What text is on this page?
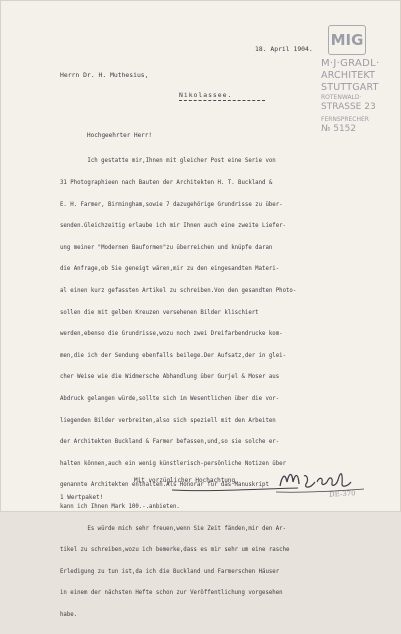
MIG
M·J·GRADL·
ARCHITEKT
STUTTGART
ROTENWALD·
STRASSE 23
FERNSPRECHER
№ 5152
18. April 1904.
Herrn Dr. H. Muthesius,
Nikolassee.
Hochgeehrter Herr!

Ich gestatte mir,Ihnen mit gleicher Post eine Serie von

31 Photographieen nach Bauten der Architekten H. T. Buckland &

E. H. Farmer, Birmingham,sowie 7 dazugehörige Grundrisse zu über-

senden.Gleichzeitig erlaube ich mir Ihnen auch eine zweite Liefer-

ung meiner "Modernen Bauformen"zu überreichen und knüpfe daran

die Anfrage,ob Sie geneigt wären,mir zu den eingesandten Materi-

al einen kurz gefassten Artikel zu schreiben.Von den gesandten Photo-

sollen die mit gelben Kreuzen versehenen Bilder klischiert

werden,ebenso die Grundrisse,wozu noch zwei Dreifarbendrucke kom-

men,die ich der Sendung ebenfalls beilege.Der Aufsatz,der in glei-

cher Weise wie die Widmersche Abhandlung über Gurjel & Moser aus

Abdruck gelangen würde,sollte sich im Wesentlichen über die vor-

liegenden Bilder verbreiten,also sich speziell mit den Arbeiten

der Architekten Buckland & Farmer befassen,und,so sie solche er-

halten können,auch ein wenig künstlerisch-persönliche Notizen über

genannte Architekten enthalten.Als Honorar für das Manuskript

kann ich Ihnen Mark 100.-.anbieten.

Es würde mich sehr freuen,wenn Sie Zeit fänden,mir den Ar-

tikel zu schreiben,wozu ich bemerke,dass es mir sehr um eine rasche

Erledigung zu tun ist,da ich die Buckland und Farmerschen Häuser

in einem der nächsten Hefte schon zur Veröffentlichung vorgesehen

habe.

Mit vorzüglicher Hochachtung
1 Wertpaket!	DE-370
